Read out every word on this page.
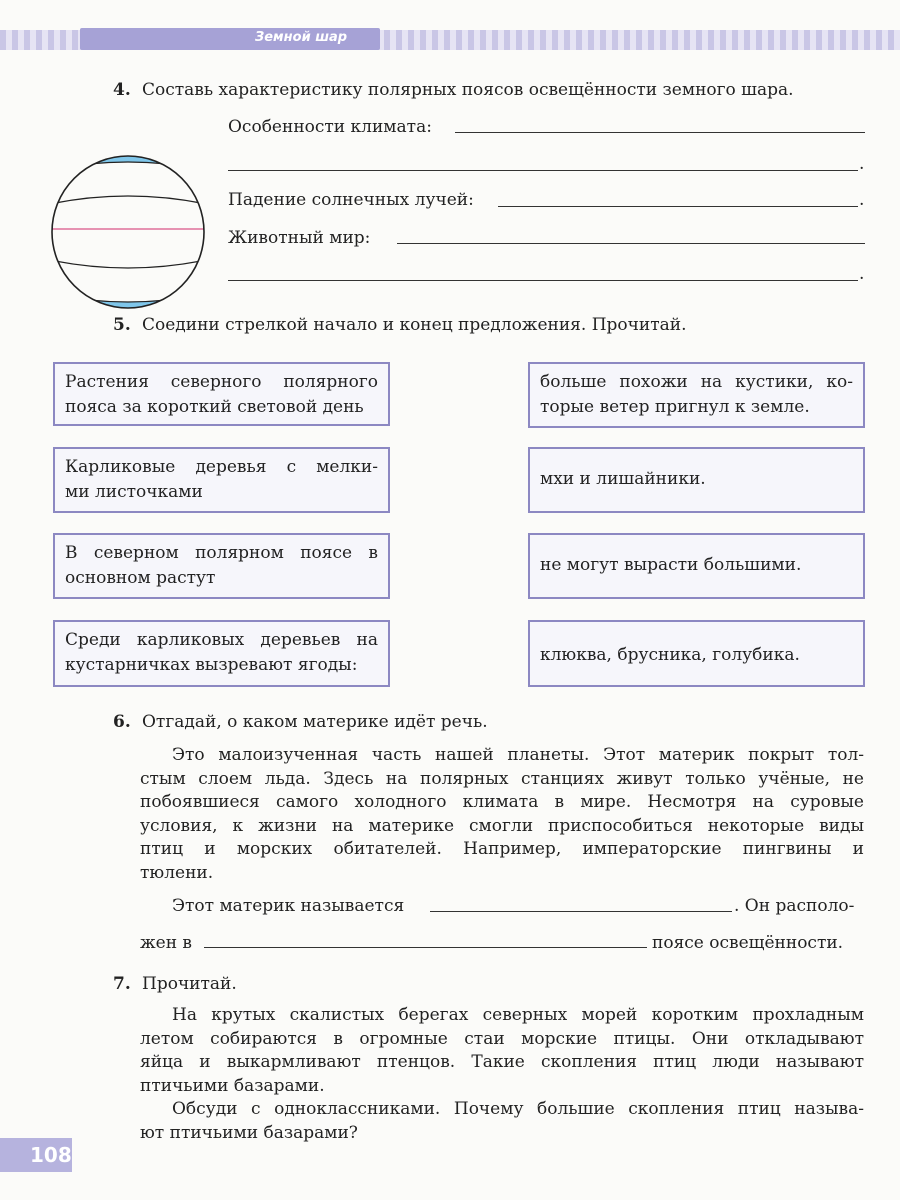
Земной шар
4. Составь характеристику полярных поясов освещённости земного шара.
Особенности климата:
.
Падение солнечных лучей:	.
Животный мир:
.
5. Соедини стрелкой начало и конец предложения. Прочитай.
Растения северного полярного
пояса за короткий световой день
Карликовые деревья с мелки-
ми листочками
В северном полярном поясе в
основном растут
Среди карликовых деревьев на
кустарничках вызревают ягоды:
больше похожи на кустики, ко-
торые ветер пригнул к земле.
мхи и лишайники.
не могут вырасти большими.
клюква, брусника, голубика.
6. Отгадай, о каком материке идёт речь.
Это малоизученная часть нашей планеты. Этот материк покрыт тол-
стым слоем льда. Здесь на полярных станциях живут только учёные, не
побоявшиеся самого холодного климата в мире. Несмотря на суровые
условия, к жизни на материке смогли приспособиться некоторые виды
птиц и морских обитателей. Например, императорские пингвины и
тюлени.
Этот материк называется	. Он располо-
жен в	поясе освещённости.
7. Прочитай.
На крутых скалистых берегах северных морей коротким прохладным
летом собираются в огромные стаи морские птицы. Они откладывают
яйца и выкармливают птенцов. Такие скопления птиц люди называют
птичьими базарами.
Обсуди с одноклассниками. Почему большие скопления птиц называ-
ют птичьими базарами?
108
